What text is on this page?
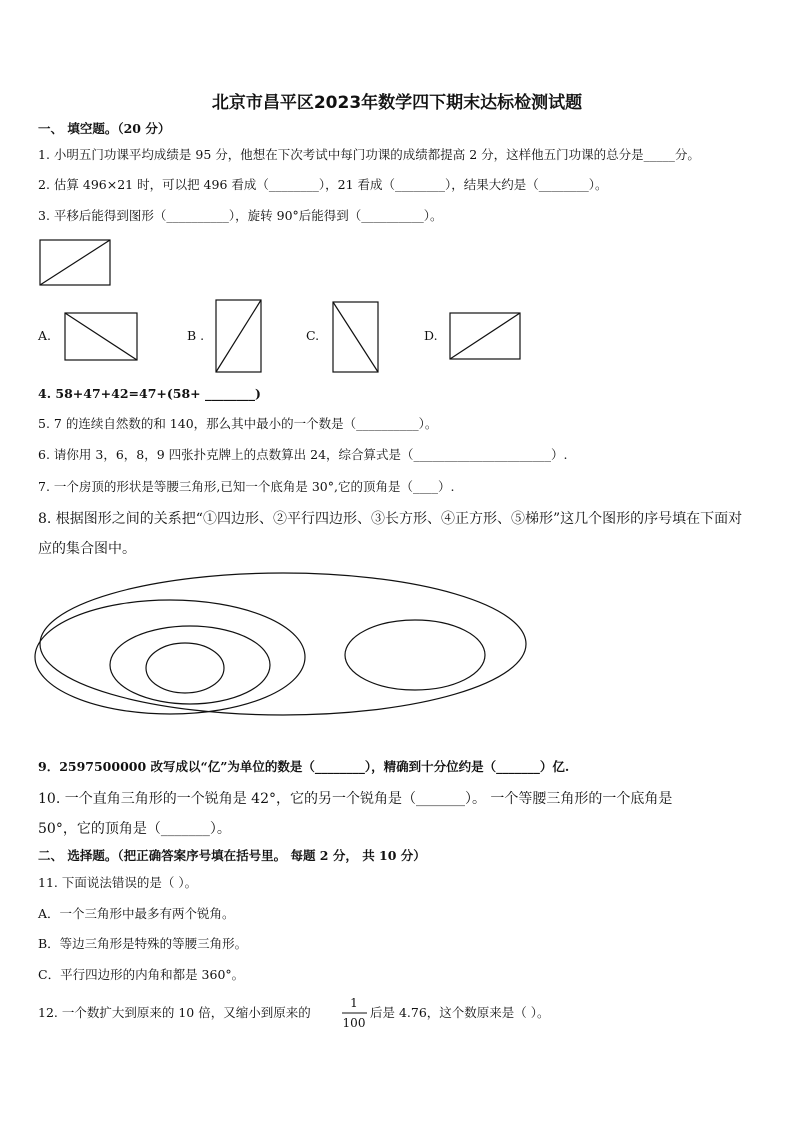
北京市昌平区2023年数学四下期末达标检测试题
一、 填空题。（20 分）
1. 小明五门功课平均成绩是 95 分，他想在下次考试中每门功课的成绩都提高 2 分，这样他五门功课的总分是_____分。
2. 估算 496×21 时，可以把 496 看成（________），21 看成（________），结果大约是（________）。
3. 平移后能得到图形（__________），旋转 90°后能得到（__________）。
A.	B .	C.	D.
4. 58+47+42=47+(58+ ________)
5. 7 的连续自然数的和 140，那么其中最小的一个数是（__________）。
6. 请你用 3，6，8，9 四张扑克牌上的点数算出 24，综合算式是（______________________）.
7. 一个房顶的形状是等腰三角形,已知一个底角是 30°,它的顶角是（____）.
8. 根据图形之间的关系把“①四边形、②平行四边形、③长方形、④正方形、⑤梯形”这几个图形的序号填在下面对
应的集合图中。
9．2597500000 改写成以“亿”为单位的数是（________），精确到十分位约是（_______）亿.
10. 一个直角三角形的一个锐角是 42°，它的另一个锐角是（_______）。 一个等腰三角形的一个底角是
50°，它的顶角是（_______）。
二、 选择题。（把正确答案序号填在括号里。 每题 2 分， 共 10 分）
11. 下面说法错误的是（ ）。
A．一个三角形中最多有两个锐角。
B．等边三角形是特殊的等腰三角形。
C．平行四边形的内角和都是 360°。
12. 一个数扩大到原来的 10 倍，又缩小到原来的
1
100
后是 4.76，这个数原来是（ ）。
